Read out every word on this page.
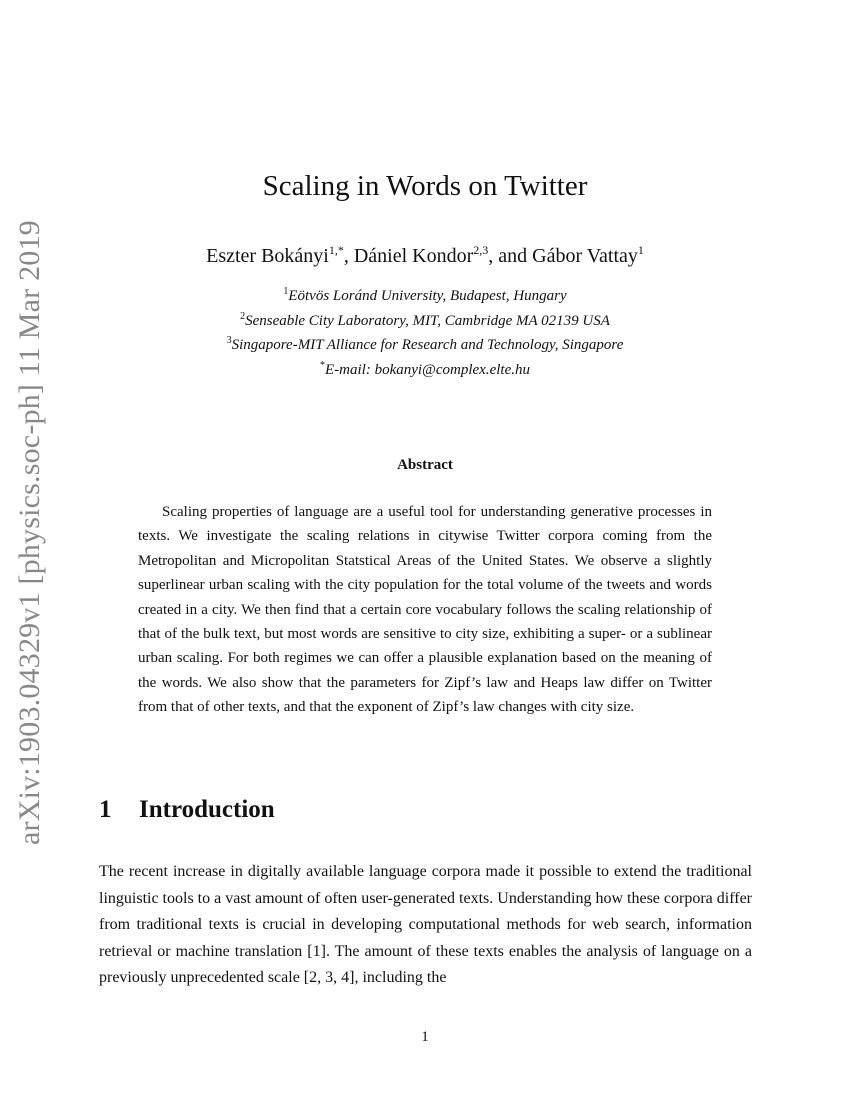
arXiv:1903.04329v1 [physics.soc-ph] 11 Mar 2019
Scaling in Words on Twitter
Eszter Bokányi$^{1,*}$, Dániel Kondor$^{2,3}$, and Gábor Vattay$^1$
$^1$Eötvös Loránd University, Budapest, Hungary
$^2$Senseable City Laboratory, MIT, Cambridge MA 02139 USA
$^3$Singapore-MIT Alliance for Research and Technology, Singapore
*E-mail: bokanyi@complex.elte.hu
Abstract

Scaling properties of language are a useful tool for understanding generative processes in texts. We investigate the scaling relations in citywise Twitter corpora coming from the Metropolitan and Micropolitan Statstical Areas of the United States. We observe a slightly superlinear urban scaling with the city population for the total volume of the tweets and words created in a city. We then find that a certain core vocabulary follows the scaling relationship of that of the bulk text, but most words are sensitive to city size, exhibiting a super- or a sublinear urban scaling. For both regimes we can offer a plausible explanation based on the meaning of the words. We also show that the parameters for Zipf’s law and Heaps law differ on Twitter from that of other texts, and that the exponent of Zipf’s law changes with city size.

1 Introduction

The recent increase in digitally available language corpora made it possible to extend the traditional linguistic tools to a vast amount of often user-generated texts. Understanding how these corpora differ from traditional texts is crucial in developing computational methods for web search, information retrieval or machine translation [1]. The amount of these texts enables the analysis of language on a previously unprecedented scale [2, 3, 4], including the

1
